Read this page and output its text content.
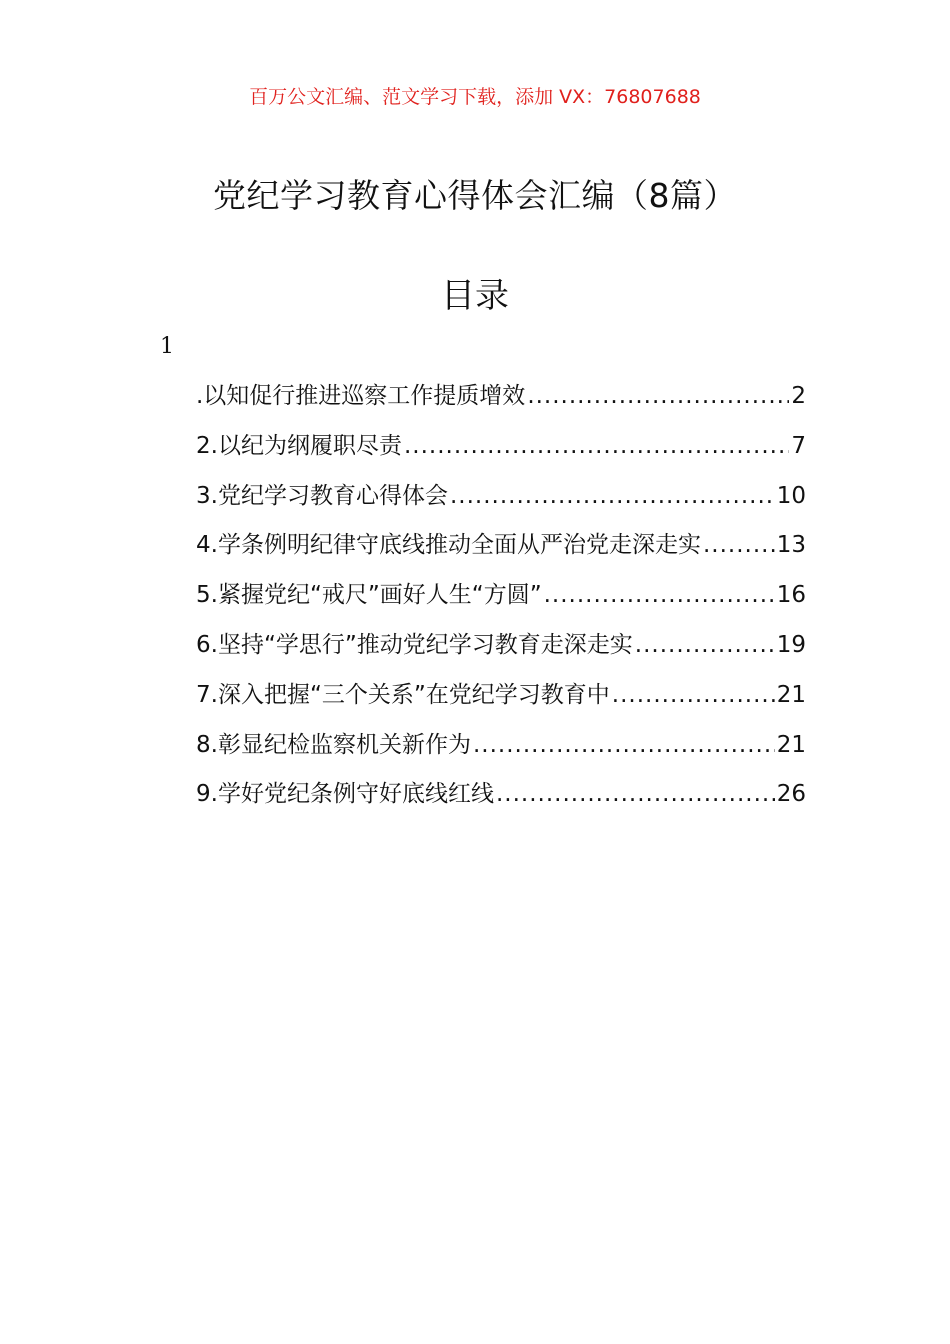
百万公文汇编、范文学习下载，添加 VX：76807688
党纪学习教育心得体会汇编（8篇）
目录
1
.以知促行推进巡察工作提质增效 .....	2
2.以纪为纲履职尽责 .....	7
3.党纪学习教育心得体会 .....	10
4.学条例明纪律守底线推动全面从严治党走深走实 .....	13
5.紧握党纪“戒尺”画好人生“方圆” .....	16
6.坚持“学思行”推动党纪学习教育走深走实 .....	19
7.深入把握“三个关系”在党纪学习教育中 .....	21
8.彰显纪检监察机关新作为 .....	21
9.学好党纪条例守好底线红线 .....	26
